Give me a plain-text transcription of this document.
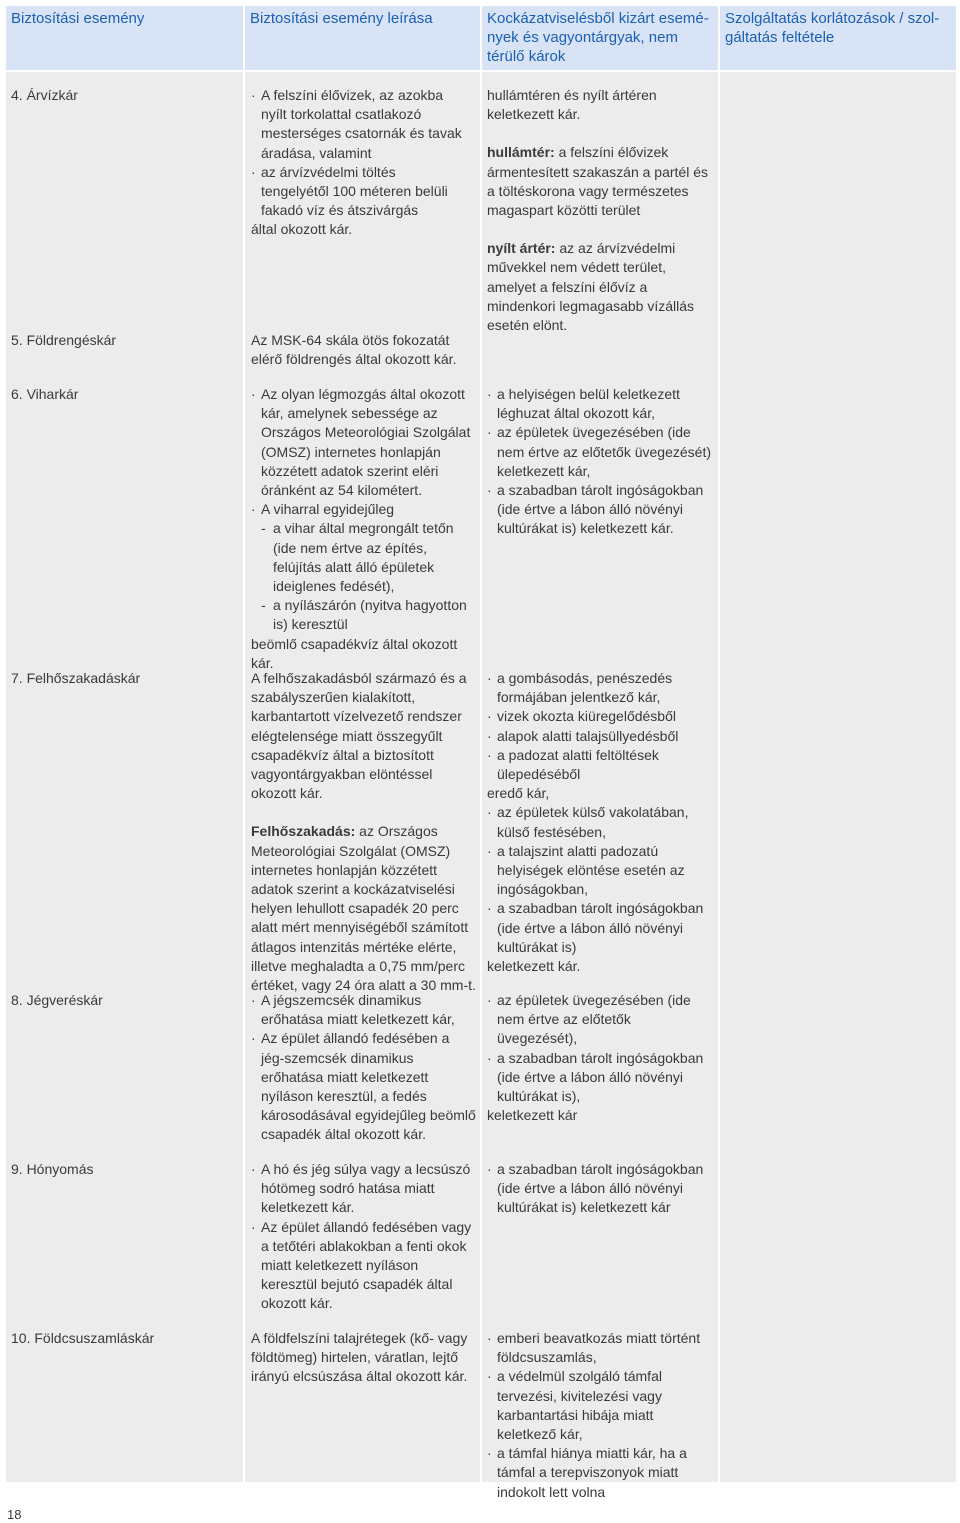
Biztosítási esemény	Biztosítási esemény leírása	Kockázatviselésből kizárt esemé-nyek és vagyontárgyak, nem térülő károk
Szolgáltatás korlátozások / szol-gáltatás feltétele
4. Árvízkár
5. Földrengéskár
6. Viharkár
7. Felhőszakadáskár
8. Jégveréskár
9. Hónyomás
10. Földcsuszamláskár
· A felszíni élővizek, az azokba nyílt torkolattal csatlakozó mesterséges csatornák és tavak áradása, valamint
· az árvízvédelmi töltés tengelyétől 100 méteren belüli fakadó víz és átszivárgás
által okozott kár.
Az MSK-64 skála ötös fokozatát elérő földrengés által okozott kár.
· Az olyan légmozgás által okozott kár, amelynek sebessége az Országos Meteorológiai Szolgálat (OMSZ) internetes honlapján közzétett adatok szerint eléri óránként az 54 kilométert.
· A viharral egyidejűleg
- a vihar által megrongált tetőn (ide nem értve az építés, felújítás alatt álló épületek ideiglenes fedését),
- a nyílászárón (nyitva hagyotton is) keresztül
beömlő csapadékvíz által okozott kár.
A felhőszakadásból származó és a szabályszerűen kialakított, karbantartott vízelvezető rendszer elégtelensége miatt összegyűlt csapadékvíz által a biztosított vagyontárgyakban elöntéssel okozott kár.
Felhőszakadás: az Országos Meteorológiai Szolgálat (OMSZ) internetes honlapján közzétett adatok szerint a kockázatviselési helyen lehullott csapadék 20 perc alatt mért mennyiségéből számított átlagos intenzitás mértéke elérte, illetve meghaladta a 0,75 mm/perc értéket, vagy 24 óra alatt a 30 mm-t.
· A jégszemcsék dinamikus erőhatása miatt keletkezett kár,
· Az épület állandó fedésében a jég-szemcsék dinamikus erőhatása miatt keletkezett nyíláson keresztül, a fedés károsodásával egyidejűleg beömlő csapadék által okozott kár.
· A hó és jég súlya vagy a lecsúszó hótömeg sodró hatása miatt keletkezett kár.
· Az épület állandó fedésében vagy a tetőtéri ablakokban a fenti okok miatt keletkezett nyíláson keresztül bejutó csapadék által okozott kár.
A földfelszíni talajrétegek (kő- vagy földtömeg) hirtelen, váratlan, lejtő irányú elcsúszása által okozott kár.
hullámtéren és nyílt ártéren keletkezett kár.
hullámtér: a felszíni élővizek ármentesített szakaszán a partél és a töltéskorona vagy természetes magaspart közötti terület
nyílt ártér: az az árvízvédelmi művekkel nem védett terület, amelyet a felszíni élővíz a mindenkori legmagasabb vízállás esetén elönt.
· a helyiségen belül keletkezett léghuzat által okozott kár,
· az épületek üvegezésében (ide nem értve az előtetők üvegezését) keletkezett kár,
· a szabadban tárolt ingóságokban (ide értve a lábon álló növényi kultúrákat is) keletkezett kár.
· a gombásodás, penészedés formájában jelentkező kár,
· vizek okozta kiüregelődésből
· alapok alatti talajsüllyedésből
· a padozat alatti feltöltések ülepedéséből
eredő kár,
· az épületek külső vakolatában, külső festésében,
· a talajszint alatti padozatú helyiségek elöntése esetén az ingóságokban,
· a szabadban tárolt ingóságokban (ide értve a lábon álló növényi kultúrákat is)
keletkezett kár.
· az épületek üvegezésében (ide nem értve az előtetők üvegezését),
· a szabadban tárolt ingóságokban (ide értve a lábon álló növényi kultúrákat is),
keletkezett kár
· a szabadban tárolt ingóságokban (ide értve a lábon álló növényi kultúrákat is) keletkezett kár
· emberi beavatkozás miatt történt földcsuszamlás,
· a védelmül szolgáló támfal tervezési, kivitelezési vagy karbantartási hibája miatt keletkező kár,
· a támfal hiánya miatti kár, ha a támfal a terepviszonyok miatt indokolt lett volna
18
